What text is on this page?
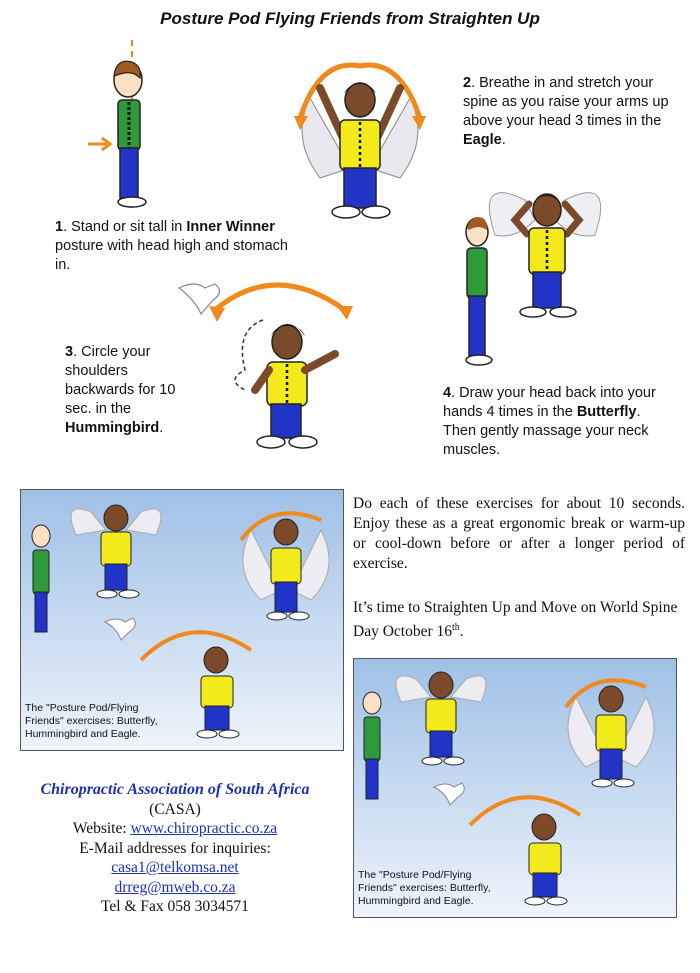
Posture Pod Flying Friends from Straighten Up
2. Breathe in and stretch your spine as you raise your arms up above your head 3 times in the Eagle.
1. Stand or sit tall in Inner Winner posture with head high and stomach in.
3. Circle your shoulders backwards for 10 sec. in the Hummingbird.
4. Draw your head back into your hands 4 times in the Butterfly. Then gently massage your neck muscles.
The "Posture Pod/Flying Friends" exercises: Butterfly, Hummingbird and Eagle.
Do each of these exercises for about 10 seconds. Enjoy these as a great ergonomic break or warm-up or cool-down before or after a longer period of exercise.
It’s time to Straighten Up and Move on World Spine Day October 16th.
The "Posture Pod/Flying Friends" exercises: Butterfly, Hummingbird and Eagle.
Chiropractic Association of South Africa
(CASA)
Website: www.chiropractic.co.za
E-Mail addresses for inquiries:
casa1@telkomsa.net
drreg@mweb.co.za
Tel & Fax 058 3034571
